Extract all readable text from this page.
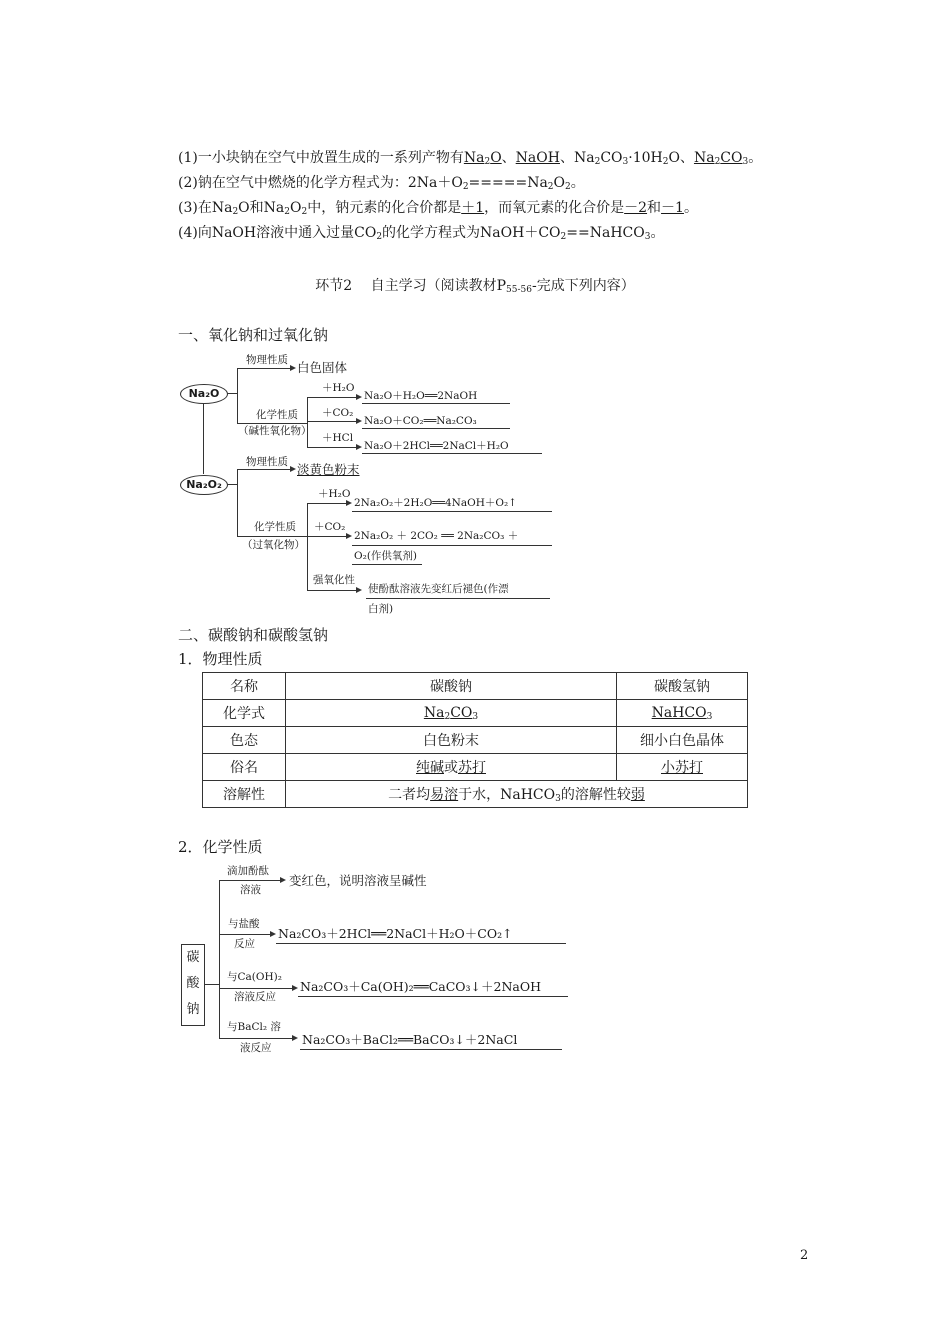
(1)一小块钠在空气中放置生成的一系列产物有$Na_2O$、NaOH、$Na_2CO_3\cdot 10H_2O$、$Na_2CO_3$。
(2)钠在空气中燃烧的化学方程式为：$2Na+O_2=====Na_2O_2$。
(3)在$Na_2O$和$Na_2O_2$中，钠元素的化合价都是＋1，而氧元素的化合价是－2和－1。
(4)向NaOH溶液中通入过量$CO_2$的化学方程式为$NaOH+CO_2==NaHCO_3$。
环节2　 自主学习（阅读教材$P_{55-56}-$完成下列内容）
一、氧化钠和过氧化钠
Na₂O
Na₂O₂
物理性质 白色固体
化学性质
（碱性氧化物）
＋H₂O
Na₂O＋H₂O══2NaOH
＋CO₂
Na₂O＋CO₂══Na₂CO₃
＋HCl
Na₂O＋2HCl══2NaCl＋H₂O
物理性质 淡黄色粉末
化学性质
（过氧化物）
＋H₂O
2Na₂O₂＋2H₂O══4NaOH＋O₂↑
＋CO₂
2Na₂O₂ ＋ 2CO₂ ══ 2Na₂CO₃ ＋
O₂(作供氧剂)
强氧化性
使酚酞溶液先变红后褪色(作漂
白剂)
二、碳酸钠和碳酸氢钠
1．物理性质
名称	碳酸钠	碳酸氢钠
化学式	$Na_2CO_3$	NaHCO$_3$
色态	白色粉末	细小白色晶体
俗名	纯碱或苏打	小苏打
溶解性	二者均易溶于水，NaHCO$_3$的溶解性较弱	
2．化学性质
碳
酸
钠
滴加酚酞
溶液
变红色，说明溶液呈碱性
与盐酸
反应
Na₂CO₃＋2HCl══2NaCl＋H₂O＋CO₂↑
与Ca(OH)₂
溶液反应
Na₂CO₃＋Ca(OH)₂══CaCO₃↓＋2NaOH
与BaCl₂ 溶
液反应
Na₂CO₃＋BaCl₂══BaCO₃↓＋2NaCl
2
